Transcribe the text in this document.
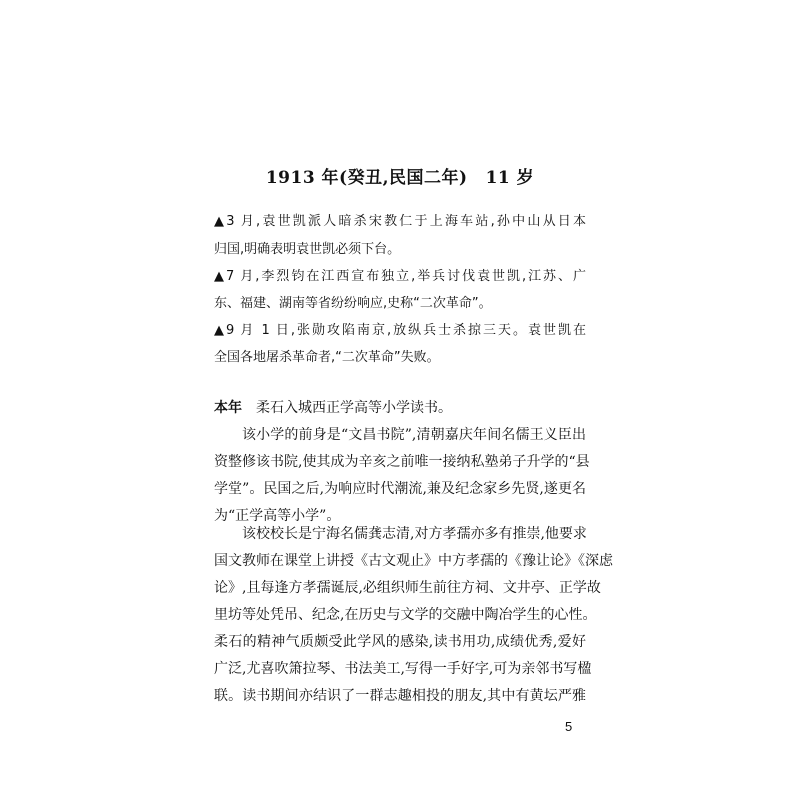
1913 年(癸丑,民国二年) 11 岁
▲3 月,袁世凯派人暗杀宋教仁于上海车站,孙中山从日本
归国,明确表明袁世凯必须下台。
▲7 月,李烈钧在江西宣布独立,举兵讨伐袁世凯,江苏、广
东、福建、湖南等省纷纷响应,史称“二次革命”。
▲9 月 1 日,张勋攻陷南京,放纵兵士杀掠三天。袁世凯在
全国各地屠杀革命者,“二次革命”失败。
本年 柔石入城西正学高等小学读书。
该小学的前身是“文昌书院”,清朝嘉庆年间名儒王义臣出
资整修该书院,使其成为辛亥之前唯一接纳私塾弟子升学的“县
学堂”。民国之后,为响应时代潮流,兼及纪念家乡先贤,遂更名
为“正学高等小学”。
该校校长是宁海名儒龚志清,对方孝孺亦多有推崇,他要求
国文教师在课堂上讲授《古文观止》中方孝孺的《豫让论》《深虑
论》,且每逢方孝孺诞辰,必组织师生前往方祠、文井亭、正学故
里坊等处凭吊、纪念,在历史与文学的交融中陶冶学生的心性。
柔石的精神气质颇受此学风的感染,读书用功,成绩优秀,爱好
广泛,尤喜吹箫拉琴、书法美工,写得一手好字,可为亲邻书写楹
联。读书期间亦结识了一群志趣相投的朋友,其中有黄坛严雅
5
